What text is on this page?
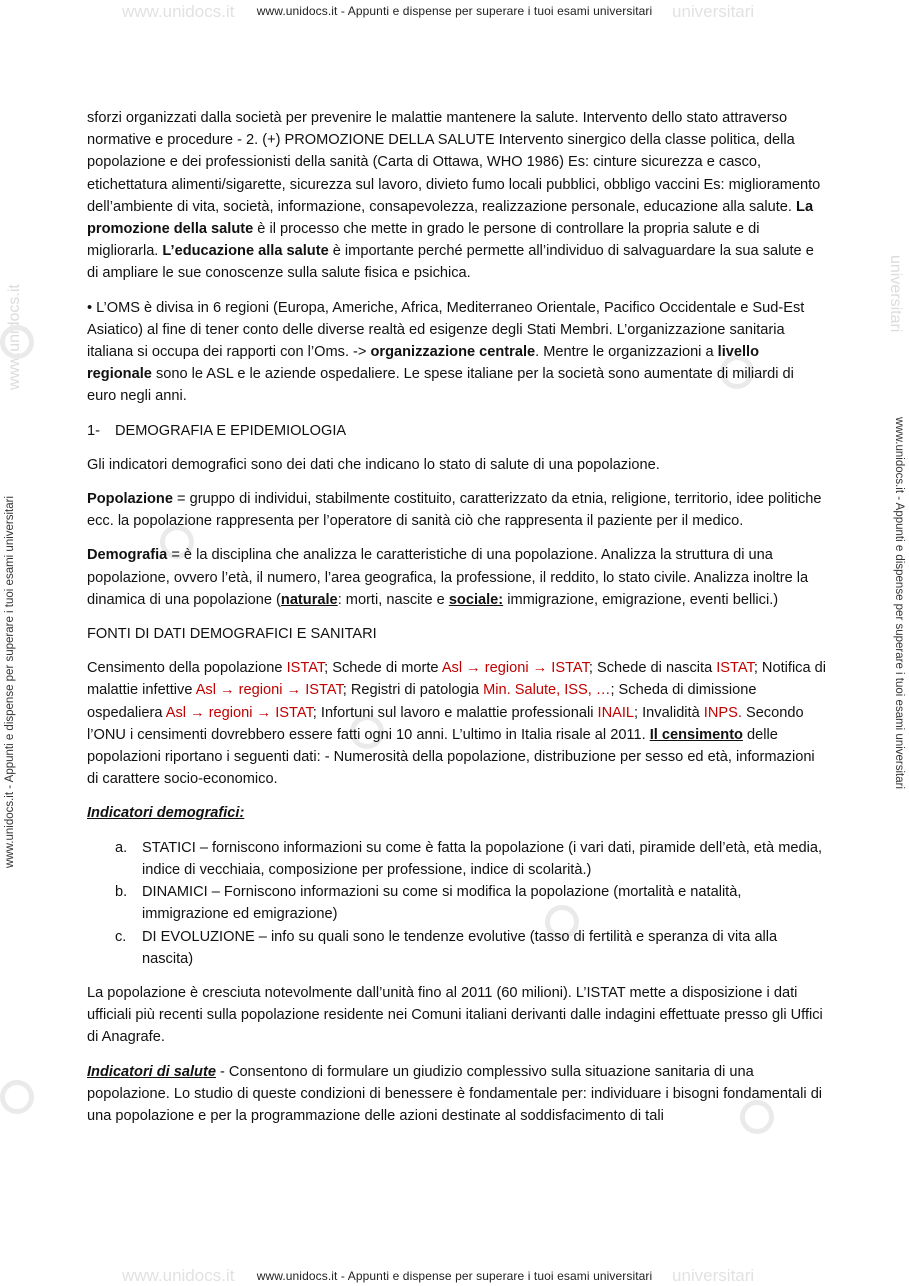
www.unidocs.it	universitari
www.unidocs.it	universitari
www.unidocs.it	universitari
www.unidocs.it - Appunti e dispense per superare i tuoi esami universitari
www.unidocs.it - Appunti e dispense per superare i tuoi esami universitari
www.unidocs.it - Appunti e dispense per superare i tuoi esami universitari	www.unidocs.it - Appunti e dispense per superare i tuoi esami universitari

sforzi organizzati dalla società per prevenire le malattie mantenere la salute. Intervento dello stato attraverso normative e procedure - 2. (+) PROMOZIONE DELLA SALUTE Intervento sinergico della classe politica, della popolazione e dei professionisti della sanità (Carta di Ottawa, WHO 1986) Es: cinture sicurezza e casco, etichettatura alimenti/sigarette, sicurezza sul lavoro, divieto fumo locali pubblici, obbligo vaccini Es: miglioramento dell’ambiente di vita, società, informazione, consapevolezza, realizzazione personale, educazione alla salute. La promozione della salute è il processo che mette in grado le persone di controllare la propria salute e di migliorarla. L’educazione alla salute è importante perché permette all’individuo di salvaguardare la sua salute e di ampliare le sue conoscenze sulla salute fisica e psichica.

• L’OMS è divisa in 6 regioni (Europa, Americhe, Africa, Mediterraneo Orientale, Pacifico Occidentale e Sud-Est Asiatico) al fine di tener conto delle diverse realtà ed esigenze degli Stati Membri. L’organizzazione sanitaria italiana si occupa dei rapporti con l’Oms. -> organizzazione centrale. Mentre le organizzazioni a livello regionale sono le ASL e le aziende ospedaliere. Le spese italiane per la società sono aumentate di miliardi di euro negli anni.

1- DEMOGRAFIA E EPIDEMIOLOGIA

Gli indicatori demografici sono dei dati che indicano lo stato di salute di una popolazione.

Popolazione = gruppo di individui, stabilmente costituito, caratterizzato da etnia, religione, territorio, idee politiche ecc. la popolazione rappresenta per l’operatore di sanità ciò che rappresenta il paziente per il medico.

Demografia = è la disciplina che analizza le caratteristiche di una popolazione. Analizza la struttura di una popolazione, ovvero l’età, il numero, l’area geografica, la professione, il reddito, lo stato civile. Analizza inoltre la dinamica di una popolazione (naturale: morti, nascite e sociale: immigrazione, emigrazione, eventi bellici.)

FONTI DI DATI DEMOGRAFICI E SANITARI

Censimento della popolazione ISTAT; Schede di morte Asl → regioni → ISTAT; Schede di nascita ISTAT; Notifica di malattie infettive Asl → regioni → ISTAT; Registri di patologia Min. Salute, ISS, …; Scheda di dimissione ospedaliera Asl → regioni → ISTAT; Infortuni sul lavoro e malattie professionali INAIL; Invalidità INPS. Secondo l’ONU i censimenti dovrebbero essere fatti ogni 10 anni. L’ultimo in Italia risale al 2011. Il censimento delle popolazioni riportano i seguenti dati: - Numerosità della popolazione, distribuzione per sesso ed età, informazioni di carattere socio-economico.

Indicatori demografici:

a. STATICI – forniscono informazioni su come è fatta la popolazione (i vari dati, piramide dell’età, età media, indice di vecchiaia, composizione per professione, indice di scolarità.)
b. DINAMICI – Forniscono informazioni su come si modifica la popolazione (mortalità e natalità, immigrazione ed emigrazione)
c. DI EVOLUZIONE – info su quali sono le tendenze evolutive (tasso di fertilità e speranza di vita alla nascita)

La popolazione è cresciuta notevolmente dall’unità fino al 2011 (60 milioni). L’ISTAT mette a disposizione i dati ufficiali più recenti sulla popolazione residente nei Comuni italiani derivanti dalle indagini effettuate presso gli Uffici di Anagrafe.

Indicatori di salute - Consentono di formulare un giudizio complessivo sulla situazione sanitaria di una popolazione. Lo studio di queste condizioni di benessere è fondamentale per: individuare i bisogni fondamentali di una popolazione e per la programmazione delle azioni destinate al soddisfacimento di tali
